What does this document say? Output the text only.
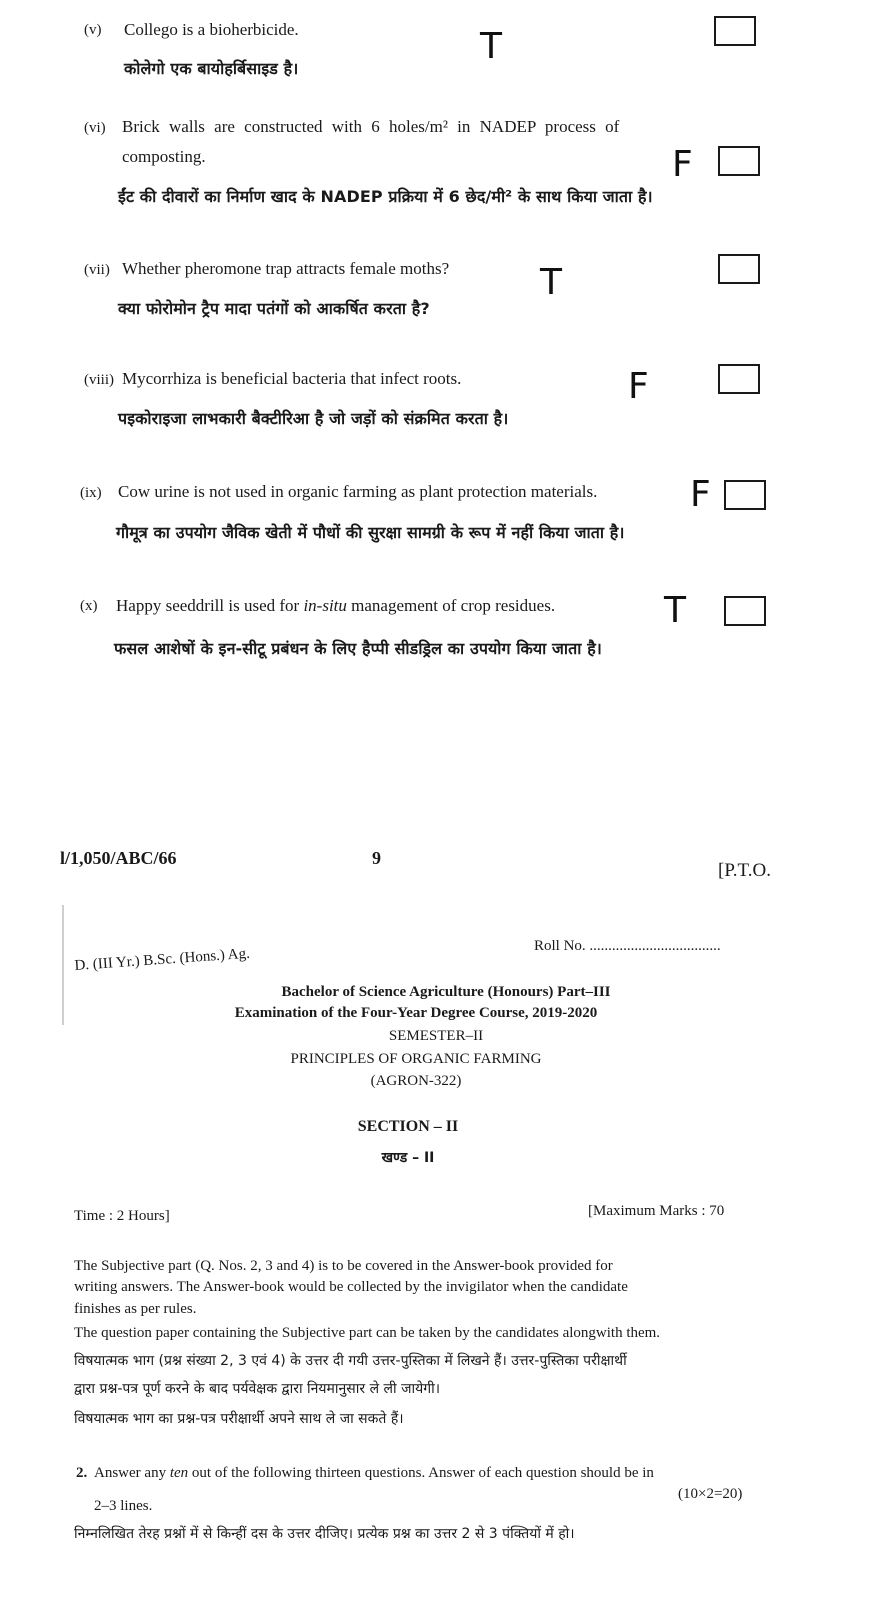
(v) Collego is a bioherbicide.
कोलेगो एक बायोहर्बिसाइड है।
T
(vi) Brick walls are constructed with 6 holes/m² in NADEP process of
composting.
ईंट की दीवारों का निर्माण खाद के NADEP प्रक्रिया में 6 छेद/मी² के साथ किया जाता है।
F
(vii) Whether pheromone trap attracts female moths?
क्या फोरोमोन ट्रैप मादा पतंगों को आकर्षित करता है?
T
(viii) Mycorrhiza is beneficial bacteria that infect roots.
पइकोराइजा लाभकारी बैक्टीरिआ है जो जड़ों को संक्रमित करता है।
F
(ix) Cow urine is not used in organic farming as plant protection materials.
गौमूत्र का उपयोग जैविक खेती में पौधों की सुरक्षा सामग्री के रूप में नहीं किया जाता है।
F
(x) Happy seeddrill is used for in-situ management of crop residues.
फसल आशेषों के इन-सीटू प्रबंधन के लिए हैप्पी सीडड्रिल का उपयोग किया जाता है।
T
l/1,050/ABC/66	9
[P.T.O.
Roll No. ...................................
D. (III Yr.) B.Sc. (Hons.) Ag.
Bachelor of Science Agriculture (Honours) Part–III
Examination of the Four-Year Degree Course, 2019-2020
SEMESTER–II
PRINCIPLES OF ORGANIC FARMING
(AGRON-322)
SECTION – II
खण्ड – II
Time : 2 Hours]	[Maximum Marks : 70
The Subjective part (Q. Nos. 2, 3 and 4) is to be covered in the Answer-book provided for
writing answers. The Answer-book would be collected by the invigilator when the candidate
finishes as per rules.
The question paper containing the Subjective part can be taken by the candidates alongwith them.
विषयात्मक भाग (प्रश्न संख्या 2, 3 एवं 4) के उत्तर दी गयी उत्तर-पुस्तिका में लिखने हैं। उत्तर-पुस्तिका परीक्षार्थी
द्वारा प्रश्न-पत्र पूर्ण करने के बाद पर्यवेक्षक द्वारा नियमानुसार ले ली जायेगी।
विषयात्मक भाग का प्रश्न-पत्र परीक्षार्थी अपने साथ ले जा सकते हैं।
2. Answer any ten out of the following thirteen questions. Answer of each question should be in
2–3 lines.
(10×2=20)
निम्नलिखित तेरह प्रश्नों में से किन्हीं दस के उत्तर दीजिए। प्रत्येक प्रश्न का उत्तर 2 से 3 पंक्तियों में हो।
